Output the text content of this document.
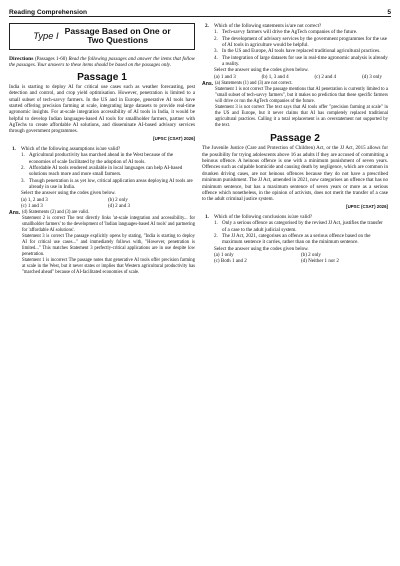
Reading Comprehension	5
Type I Passage Based on One or
Two Questions

Directions (Passages 1-60) Read the following passages and answer the items that follow the passages. Your answers to these items should be based on the passages only.

Passage 1

India is starting to deploy AI for critical use cases such as weather forecasting, pest detection and control, and crop yield optimisation. However, penetration is limited to a small subset of tech-savvy farmers. In the US and in Europe, generative AI tools have started offering precision farming at scale, integrating large datasets to provide real-time agronomic insights. For at-scale integration accessibility of AI tools in India, it would be helpful to develop Indian languages-based AI tools for smallholder farmers, partner with AgTechs to create affordable AI solutions, and disseminate AI-based advisory services through government programmes.

[UPSC (CSAT) 2026]
1.	Which of the following assumptions is/are valid?
1. Agricultural productivity has marched ahead in the West because of the economies of scale facilitated by the adoption of AI tools.
2. Affordable AI tools rendered available in local languages can help AI-based solutions reach more and more small farmers.
3. Though penetration is as yet low, critical application areas deploying AI tools are already in use in India.
Select the answer using the codes given below.
(a) 1, 2 and 3	(b) 2 only
(c) 1 and 3	(d) 2 and 3
Ans. (d) Statements (2) and (3) are valid.

Statement 2 is correct The text directly links 'at-scale integration and accessibility... for smallholder farmers' to the development of 'Indian languages-based AI tools' and partnering for 'affordable AI solutions'.

Statement 3 is correct The passage explicitly opens by stating, "India is starting to deploy AI for critical use cases..." and immediately follows with, "However, penetration is limited..." This matches Statement 3 perfectly-critical applications are in use despite low penetration.

Statement 1 is incorrect The passage notes that generative AI tools offer precision farming at scale in the West, but it never states or implies that Western agricultural productivity has "marched ahead" because of AI-facilitated economies of scale.

2.	Which of the following statements is/are not correct?
1. Tech-savvy farmers will drive the AgTech companies of the future.
2. The development of advisory services by the government programmes for the use of AI tools in agriculture would be helpful.
3. In the US and Europe, AI tools have replaced traditional agricultural practices.
4. The integration of large datasets for use in real-time agronomic analysis is already a reality.
Select the answer using the codes given below.
(a) 1 and 3	(b) 1, 3 and 4	(c) 2 and 4	(d) 3 only
Ans. (a) Statements (1) and (3) are not correct.

Statement 1 is not correct The passage mentions that AI penetration is currently limited to a "small subset of tech-savvy farmers", but it makes no prediction that these specific farmers will drive or run the AgTech companies of the future.

Statement 3 is not correct The text says that AI tools offer "precision farming at scale" in the US and Europe, but it never claims that AI has completely replaced traditional agricultural practices. Calling it a total replacement is an overstatement not supported by the text.

Passage 2

The Juvenile Justice (Care and Protection of Children) Act, or the JJ Act, 2015 allows for the possibility for trying adolescents above 16 as adults if they are accused of committing a heinous offence. A heinous offence is one with a minimum punishment of seven years. Offences such as culpable homicide and causing death by negligence, which are common in drunken driving cases, are not heinous offences because they do not have a prescribed minimum punishment. The JJ Act, amended in 2021, now categorises an offence that has no minimum sentence, but has a maximum sentence of seven years or more as a serious offence which nonetheless, in the opinion of activists, does not merit the transfer of a case to the adult criminal justice system.

[UPSC (CSAT) 2026]
1.	Which of the following conclusions is/are valid?
1. Only a serious offence as categorised by the revised JJ Act, justifies the transfer of a case to the adult judicial system.
2. The JJ Act, 2021, categorises an offence as a serious offence based on the maximum sentence it carries, rather than on the minimum sentence.
Select the answer using the codes given below.
(a) 1 only	(b) 2 only
(c) Both 1 and 2	(d) Neither 1 nor 2
